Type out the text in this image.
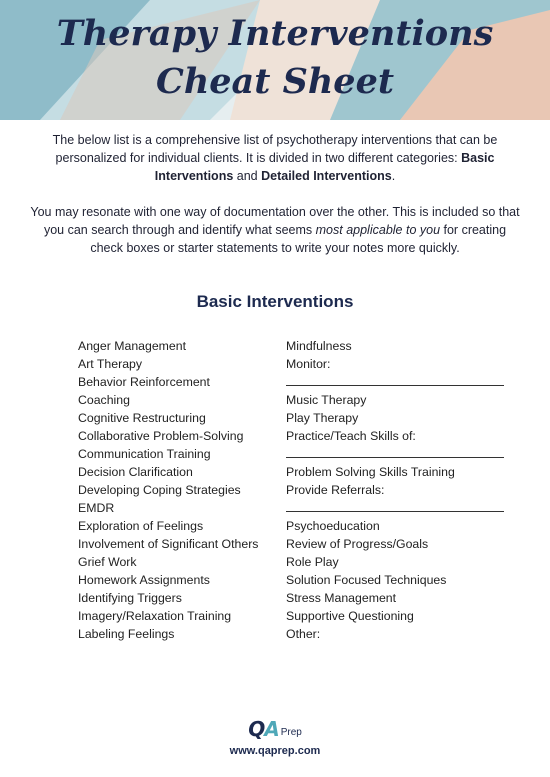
Therapy Interventions

Cheat Sheet

The below list is a comprehensive list of psychotherapy interventions that can be personalized for individual clients. It is divided in two different categories: Basic Interventions and Detailed Interventions.

You may resonate with one way of documentation over the other. This is included so that you can search through and identify what seems most applicable to you for creating check boxes or starter statements to write your notes more quickly.

Basic Interventions
Anger Management
Art Therapy
Behavior Reinforcement
Coaching
Cognitive Restructuring
Collaborative Problem-Solving
Communication Training
Decision Clarification
Developing Coping Strategies
EMDR
Exploration of Feelings
Involvement of Significant Others
Grief Work
Homework Assignments
Identifying Triggers
Imagery/Relaxation Training
Labeling Feelings
Mindfulness
Monitor:
Music Therapy
Play Therapy
Practice/Teach Skills of:
Problem Solving Skills Training
Provide Referrals:
Psychoeducation
Review of Progress/Goals
Role Play
Solution Focused Techniques
Stress Management
Supportive Questioning
Other:
QA Prep
www.qaprep.com
